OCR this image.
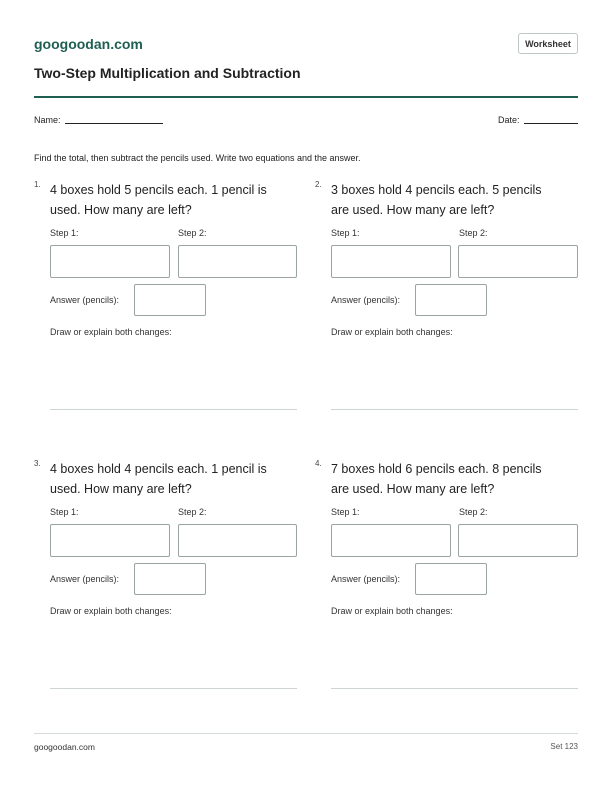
googoodan.com	Worksheet
Two-Step Multiplication and Subtraction
Name:	Date:
Find the total, then subtract the pencils used. Write two equations and the answer.
1. 4 boxes hold 5 pencils each. 1 pencil is used. How many are left?
Step 1:	Step 2:
Answer (pencils):
Draw or explain both changes:
2. 3 boxes hold 4 pencils each. 5 pencils are used. How many are left?
Step 1:	Step 2:
Answer (pencils):
Draw or explain both changes:
3. 4 boxes hold 4 pencils each. 1 pencil is used. How many are left?
Step 1:	Step 2:
Answer (pencils):
Draw or explain both changes:
4. 7 boxes hold 6 pencils each. 8 pencils are used. How many are left?
Step 1:	Step 2:
Answer (pencils):
Draw or explain both changes:
googoodan.com	Set 123
